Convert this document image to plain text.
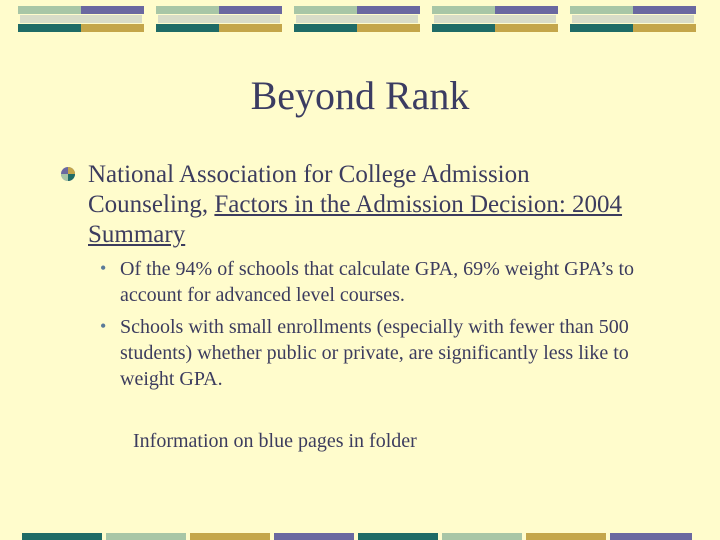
Beyond Rank
National Association for College Admission Counseling, Factors in the Admission Decision: 2004 Summary
• Of the 94% of schools that calculate GPA, 69% weight GPA’s to account for advanced level courses.
• Schools with small enrollments (especially with fewer than 500 students) whether public or private, are significantly less like to weight GPA.
Information on blue pages in folder
